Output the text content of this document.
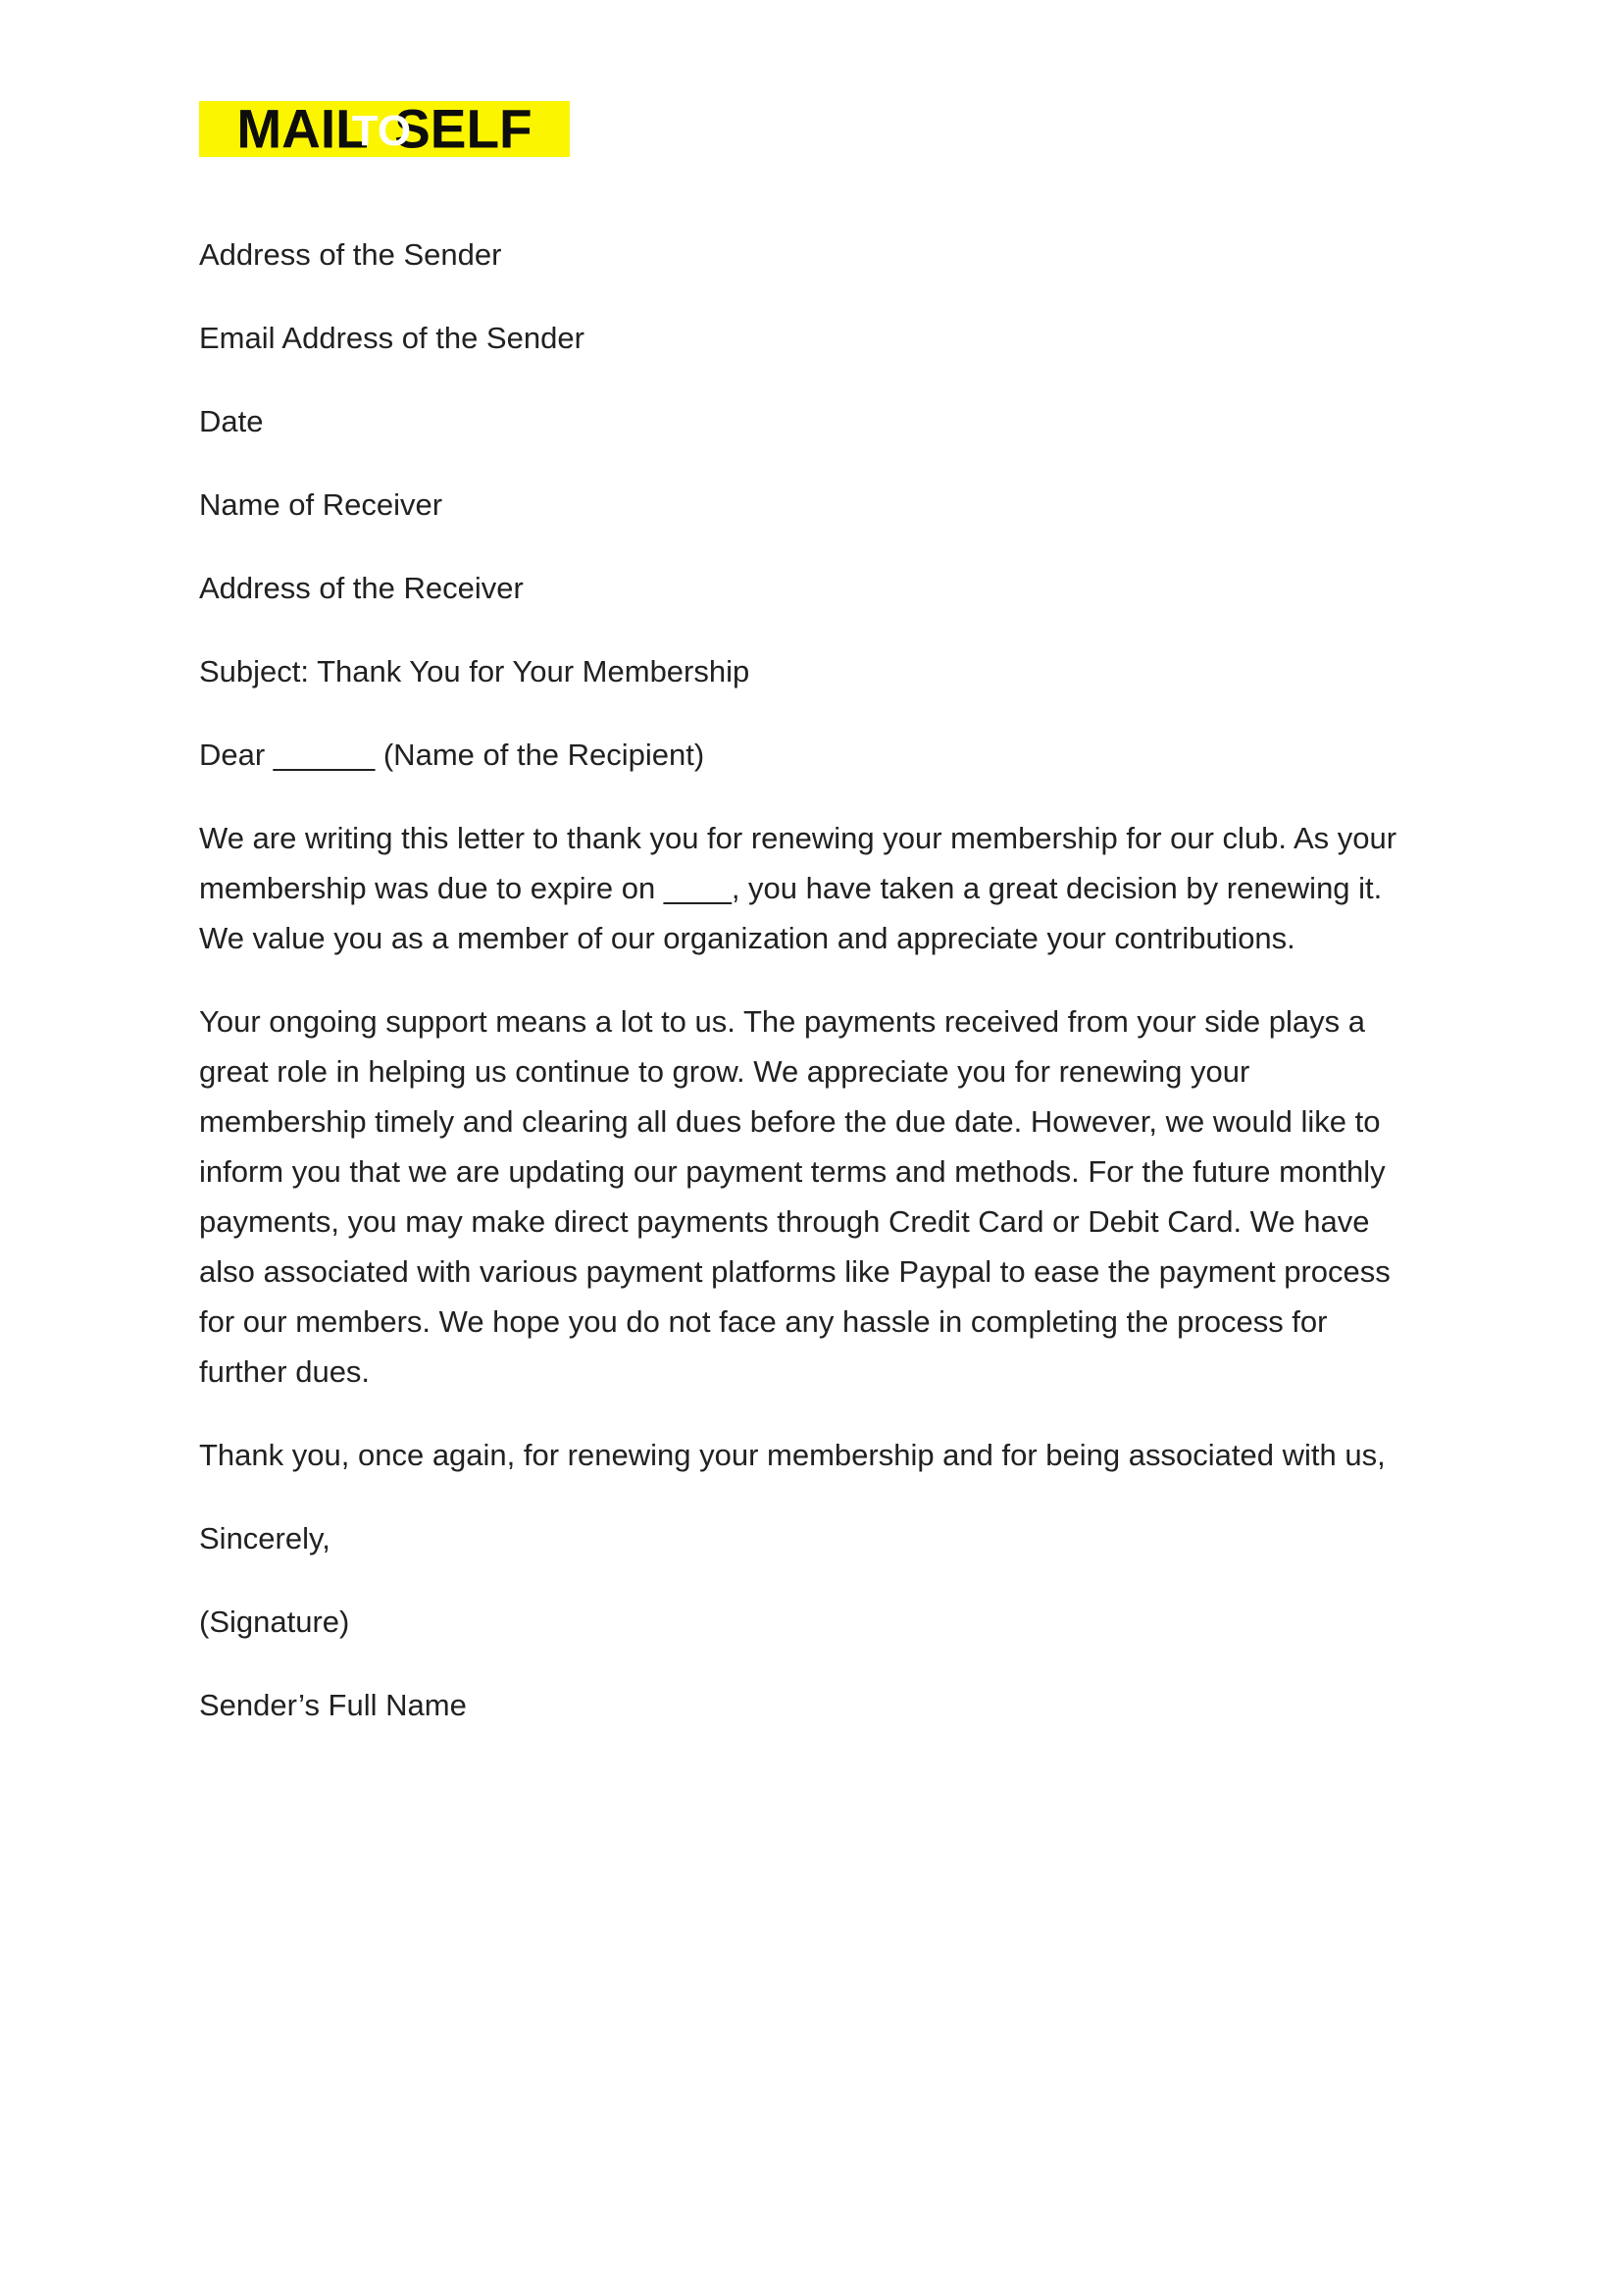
MAIL
TO
SELF

Address of the Sender

Email Address of the Sender

Date

Name of Receiver

Address of the Receiver

Subject: Thank You for Your Membership

Dear ______ (Name of the Recipient)

We are writing this letter to thank you for renewing your membership for our club. As your membership was due to expire on ____, you have taken a great decision by renewing it. We value you as a member of our organization and appreciate your contributions.

Your ongoing support means a lot to us. The payments received from your side plays a great role in helping us continue to grow. We appreciate you for renewing your membership timely and clearing all dues before the due date. However, we would like to inform you that we are updating our payment terms and methods. For the future monthly payments, you may make direct payments through Credit Card or Debit Card. We have also associated with various payment platforms like Paypal to ease the payment process for our members. We hope you do not face any hassle in completing the process for further dues.

Thank you, once again, for renewing your membership and for being associated with us,

Sincerely,

(Signature)

Sender’s Full Name
